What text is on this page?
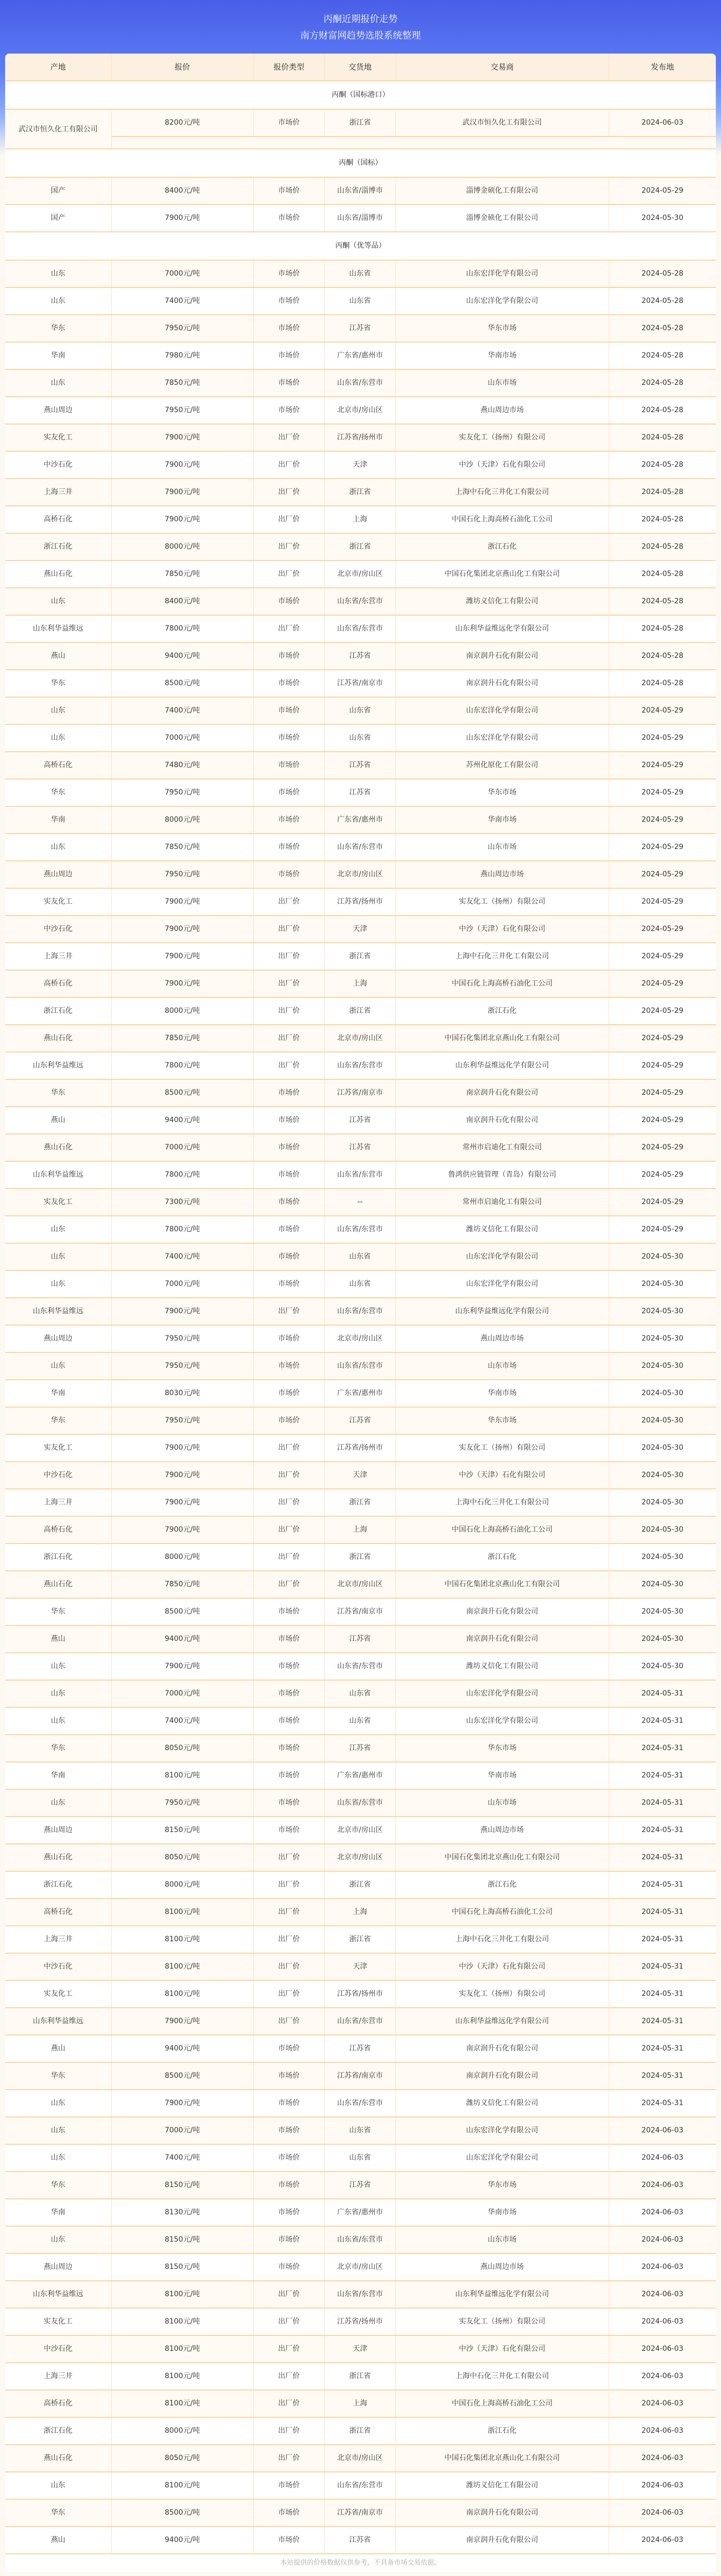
丙酮近期报价走势
南方财富网趋势选股系统整理
产地	报价	报价类型	交货地	交易商	发布地
丙酮（国标港口）					
武汉市恒久化工有限公司	8200元/吨	市场价	浙江省	武汉市恒久化工有限公司	2024-06-03

丙酮（国标）					
国产	8400元/吨	市场价	山东省/淄博市	淄博金硕化工有限公司	2024-05-29
国产	7900元/吨	市场价	山东省/淄博市	淄博金硕化工有限公司	2024-05-30
丙酮（优等品）					
山东	7000元/吨	市场价	山东省	山东宏洋化学有限公司	2024-05-28
山东	7400元/吨	市场价	山东省	山东宏洋化学有限公司	2024-05-28
华东	7950元/吨	市场价	江苏省	华东市场	2024-05-28
华南	7980元/吨	市场价	广东省/惠州市	华南市场	2024-05-28
山东	7850元/吨	市场价	山东省/东营市	山东市场	2024-05-28
燕山周边	7950元/吨	市场价	北京市/房山区	燕山周边市场	2024-05-28
实友化工	7900元/吨	出厂价	江苏省/扬州市	实友化工（扬州）有限公司	2024-05-28
中沙石化	7900元/吨	出厂价	天津	中沙（天津）石化有限公司	2024-05-28
上海三井	7900元/吨	出厂价	浙江省	上海中石化三井化工有限公司	2024-05-28
高桥石化	7900元/吨	出厂价	上海	中国石化上海高桥石油化工公司	2024-05-28
浙江石化	8000元/吨	出厂价	浙江省	浙江石化	2024-05-28
燕山石化	7850元/吨	出厂价	北京市/房山区	中国石化集团北京燕山化工有限公司	2024-05-28
山东	8400元/吨	市场价	山东省/东营市	潍坊义信化工有限公司	2024-05-28
山东利华益维远	7800元/吨	出厂价	山东省/东营市	山东利华益维远化学有限公司	2024-05-28
燕山	9400元/吨	市场价	江苏省	南京润升石化有限公司	2024-05-28
华东	8500元/吨	市场价	江苏省/南京市	南京润升石化有限公司	2024-05-28
山东	7400元/吨	市场价	山东省	山东宏洋化学有限公司	2024-05-29
山东	7000元/吨	市场价	山东省	山东宏洋化学有限公司	2024-05-29
高桥石化	7480元/吨	市场价	江苏省	苏州化原化工有限公司	2024-05-29
华东	7950元/吨	市场价	江苏省	华东市场	2024-05-29
华南	8000元/吨	市场价	广东省/惠州市	华南市场	2024-05-29
山东	7850元/吨	市场价	山东省/东营市	山东市场	2024-05-29
燕山周边	7950元/吨	市场价	北京市/房山区	燕山周边市场	2024-05-29
实友化工	7900元/吨	出厂价	江苏省/扬州市	实友化工（扬州）有限公司	2024-05-29
中沙石化	7900元/吨	出厂价	天津	中沙（天津）石化有限公司	2024-05-29
上海三井	7900元/吨	出厂价	浙江省	上海中石化三井化工有限公司	2024-05-29
高桥石化	7900元/吨	出厂价	上海	中国石化上海高桥石油化工公司	2024-05-29
浙江石化	8000元/吨	出厂价	浙江省	浙江石化	2024-05-29
燕山石化	7850元/吨	出厂价	北京市/房山区	中国石化集团北京燕山化工有限公司	2024-05-29
山东利华益维远	7800元/吨	出厂价	山东省/东营市	山东利华益维远化学有限公司	2024-05-29
华东	8500元/吨	市场价	江苏省/南京市	南京润升石化有限公司	2024-05-29
燕山	9400元/吨	市场价	江苏省	南京润升石化有限公司	2024-05-29
燕山石化	7000元/吨	市场价	江苏省	常州市启迪化工有限公司	2024-05-29
山东利华益维远	7800元/吨	市场价	山东省/东营市	鲁鸿供应链管理（青岛）有限公司	2024-05-29
实友化工	7300元/吨	市场价	--	常州市启迪化工有限公司	2024-05-29
山东	7800元/吨	市场价	山东省/东营市	潍坊义信化工有限公司	2024-05-29
山东	7400元/吨	市场价	山东省	山东宏洋化学有限公司	2024-05-30
山东	7000元/吨	市场价	山东省	山东宏洋化学有限公司	2024-05-30
山东利华益维远	7900元/吨	出厂价	山东省/东营市	山东利华益维远化学有限公司	2024-05-30
燕山周边	7950元/吨	市场价	北京市/房山区	燕山周边市场	2024-05-30
山东	7950元/吨	市场价	山东省/东营市	山东市场	2024-05-30
华南	8030元/吨	市场价	广东省/惠州市	华南市场	2024-05-30
华东	7950元/吨	市场价	江苏省	华东市场	2024-05-30
实友化工	7900元/吨	出厂价	江苏省/扬州市	实友化工（扬州）有限公司	2024-05-30
中沙石化	7900元/吨	出厂价	天津	中沙（天津）石化有限公司	2024-05-30
上海三井	7900元/吨	出厂价	浙江省	上海中石化三井化工有限公司	2024-05-30
高桥石化	7900元/吨	出厂价	上海	中国石化上海高桥石油化工公司	2024-05-30
浙江石化	8000元/吨	出厂价	浙江省	浙江石化	2024-05-30
燕山石化	7850元/吨	出厂价	北京市/房山区	中国石化集团北京燕山化工有限公司	2024-05-30
华东	8500元/吨	市场价	江苏省/南京市	南京润升石化有限公司	2024-05-30
燕山	9400元/吨	市场价	江苏省	南京润升石化有限公司	2024-05-30
山东	7900元/吨	市场价	山东省/东营市	潍坊义信化工有限公司	2024-05-30
山东	7000元/吨	市场价	山东省	山东宏洋化学有限公司	2024-05-31
山东	7400元/吨	市场价	山东省	山东宏洋化学有限公司	2024-05-31
华东	8050元/吨	市场价	江苏省	华东市场	2024-05-31
华南	8100元/吨	市场价	广东省/惠州市	华南市场	2024-05-31
山东	7950元/吨	市场价	山东省/东营市	山东市场	2024-05-31
燕山周边	8150元/吨	市场价	北京市/房山区	燕山周边市场	2024-05-31
燕山石化	8050元/吨	出厂价	北京市/房山区	中国石化集团北京燕山化工有限公司	2024-05-31
浙江石化	8000元/吨	出厂价	浙江省	浙江石化	2024-05-31
高桥石化	8100元/吨	出厂价	上海	中国石化上海高桥石油化工公司	2024-05-31
上海三井	8100元/吨	出厂价	浙江省	上海中石化三井化工有限公司	2024-05-31
中沙石化	8100元/吨	出厂价	天津	中沙（天津）石化有限公司	2024-05-31
实友化工	8100元/吨	出厂价	江苏省/扬州市	实友化工（扬州）有限公司	2024-05-31
山东利华益维远	7900元/吨	出厂价	山东省/东营市	山东利华益维远化学有限公司	2024-05-31
燕山	9400元/吨	市场价	江苏省	南京润升石化有限公司	2024-05-31
华东	8500元/吨	市场价	江苏省/南京市	南京润升石化有限公司	2024-05-31
山东	7900元/吨	市场价	山东省/东营市	潍坊义信化工有限公司	2024-05-31
山东	7000元/吨	市场价	山东省	山东宏洋化学有限公司	2024-06-03
山东	7400元/吨	市场价	山东省	山东宏洋化学有限公司	2024-06-03
华东	8150元/吨	市场价	江苏省	华东市场	2024-06-03
华南	8130元/吨	市场价	广东省/惠州市	华南市场	2024-06-03
山东	8150元/吨	市场价	山东省/东营市	山东市场	2024-06-03
燕山周边	8150元/吨	市场价	北京市/房山区	燕山周边市场	2024-06-03
山东利华益维远	8100元/吨	出厂价	山东省/东营市	山东利华益维远化学有限公司	2024-06-03
实友化工	8100元/吨	出厂价	江苏省/扬州市	实友化工（扬州）有限公司	2024-06-03
中沙石化	8100元/吨	出厂价	天津	中沙（天津）石化有限公司	2024-06-03
上海三井	8100元/吨	出厂价	浙江省	上海中石化三井化工有限公司	2024-06-03
高桥石化	8100元/吨	出厂价	上海	中国石化上海高桥石油化工公司	2024-06-03
浙江石化	8000元/吨	出厂价	浙江省	浙江石化	2024-06-03
燕山石化	8050元/吨	出厂价	北京市/房山区	中国石化集团北京燕山化工有限公司	2024-06-03
山东	8100元/吨	市场价	山东省/东营市	潍坊义信化工有限公司	2024-06-03
华东	8500元/吨	市场价	江苏省/南京市	南京润升石化有限公司	2024-06-03
燕山	9400元/吨	市场价	江苏省	南京润升石化有限公司	2024-06-03
本站提供的价格数据仅供参考，不具备市场交易依据。
